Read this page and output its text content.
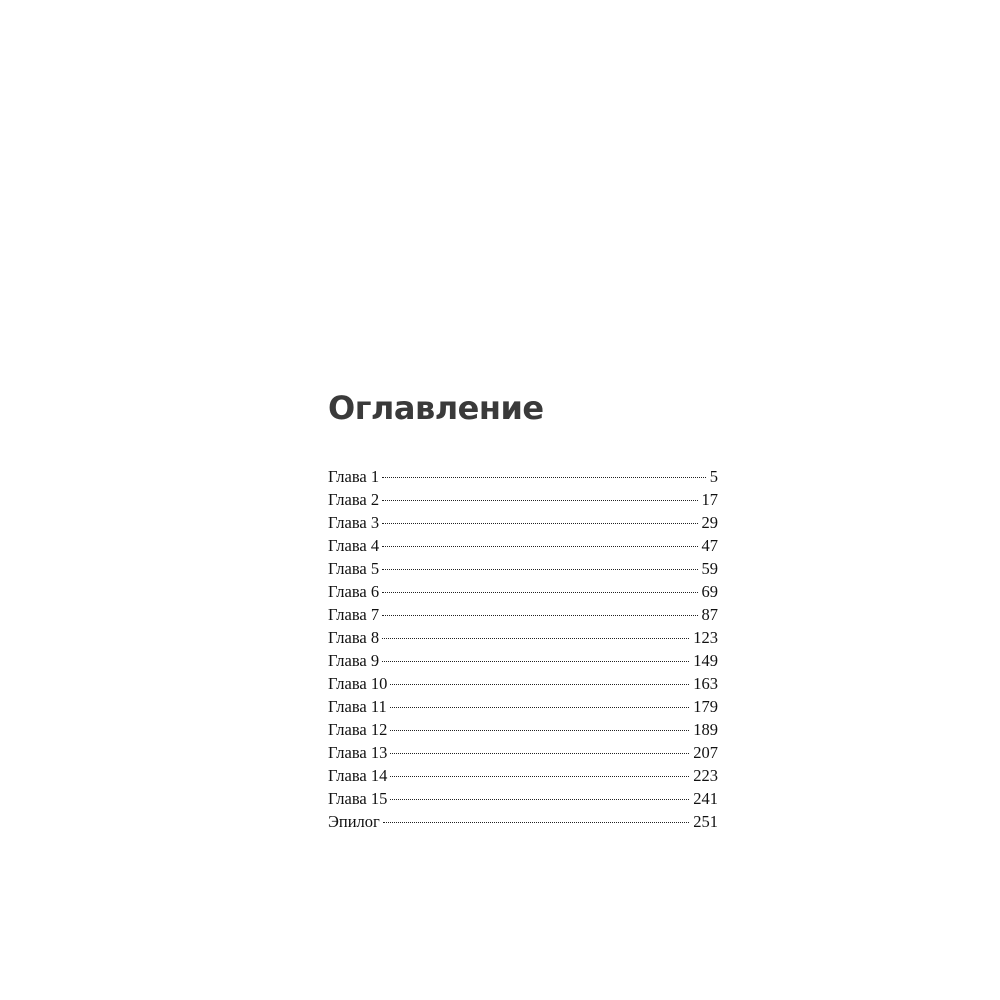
Оглавление
Глава 1	5
Глава 2	17
Глава 3	29
Глава 4	47
Глава 5	59
Глава 6	69
Глава 7	87
Глава 8	123
Глава 9	149
Глава 10	163
Глава 11	179
Глава 12	189
Глава 13	207
Глава 14	223
Глава 15	241
Эпилог	251
